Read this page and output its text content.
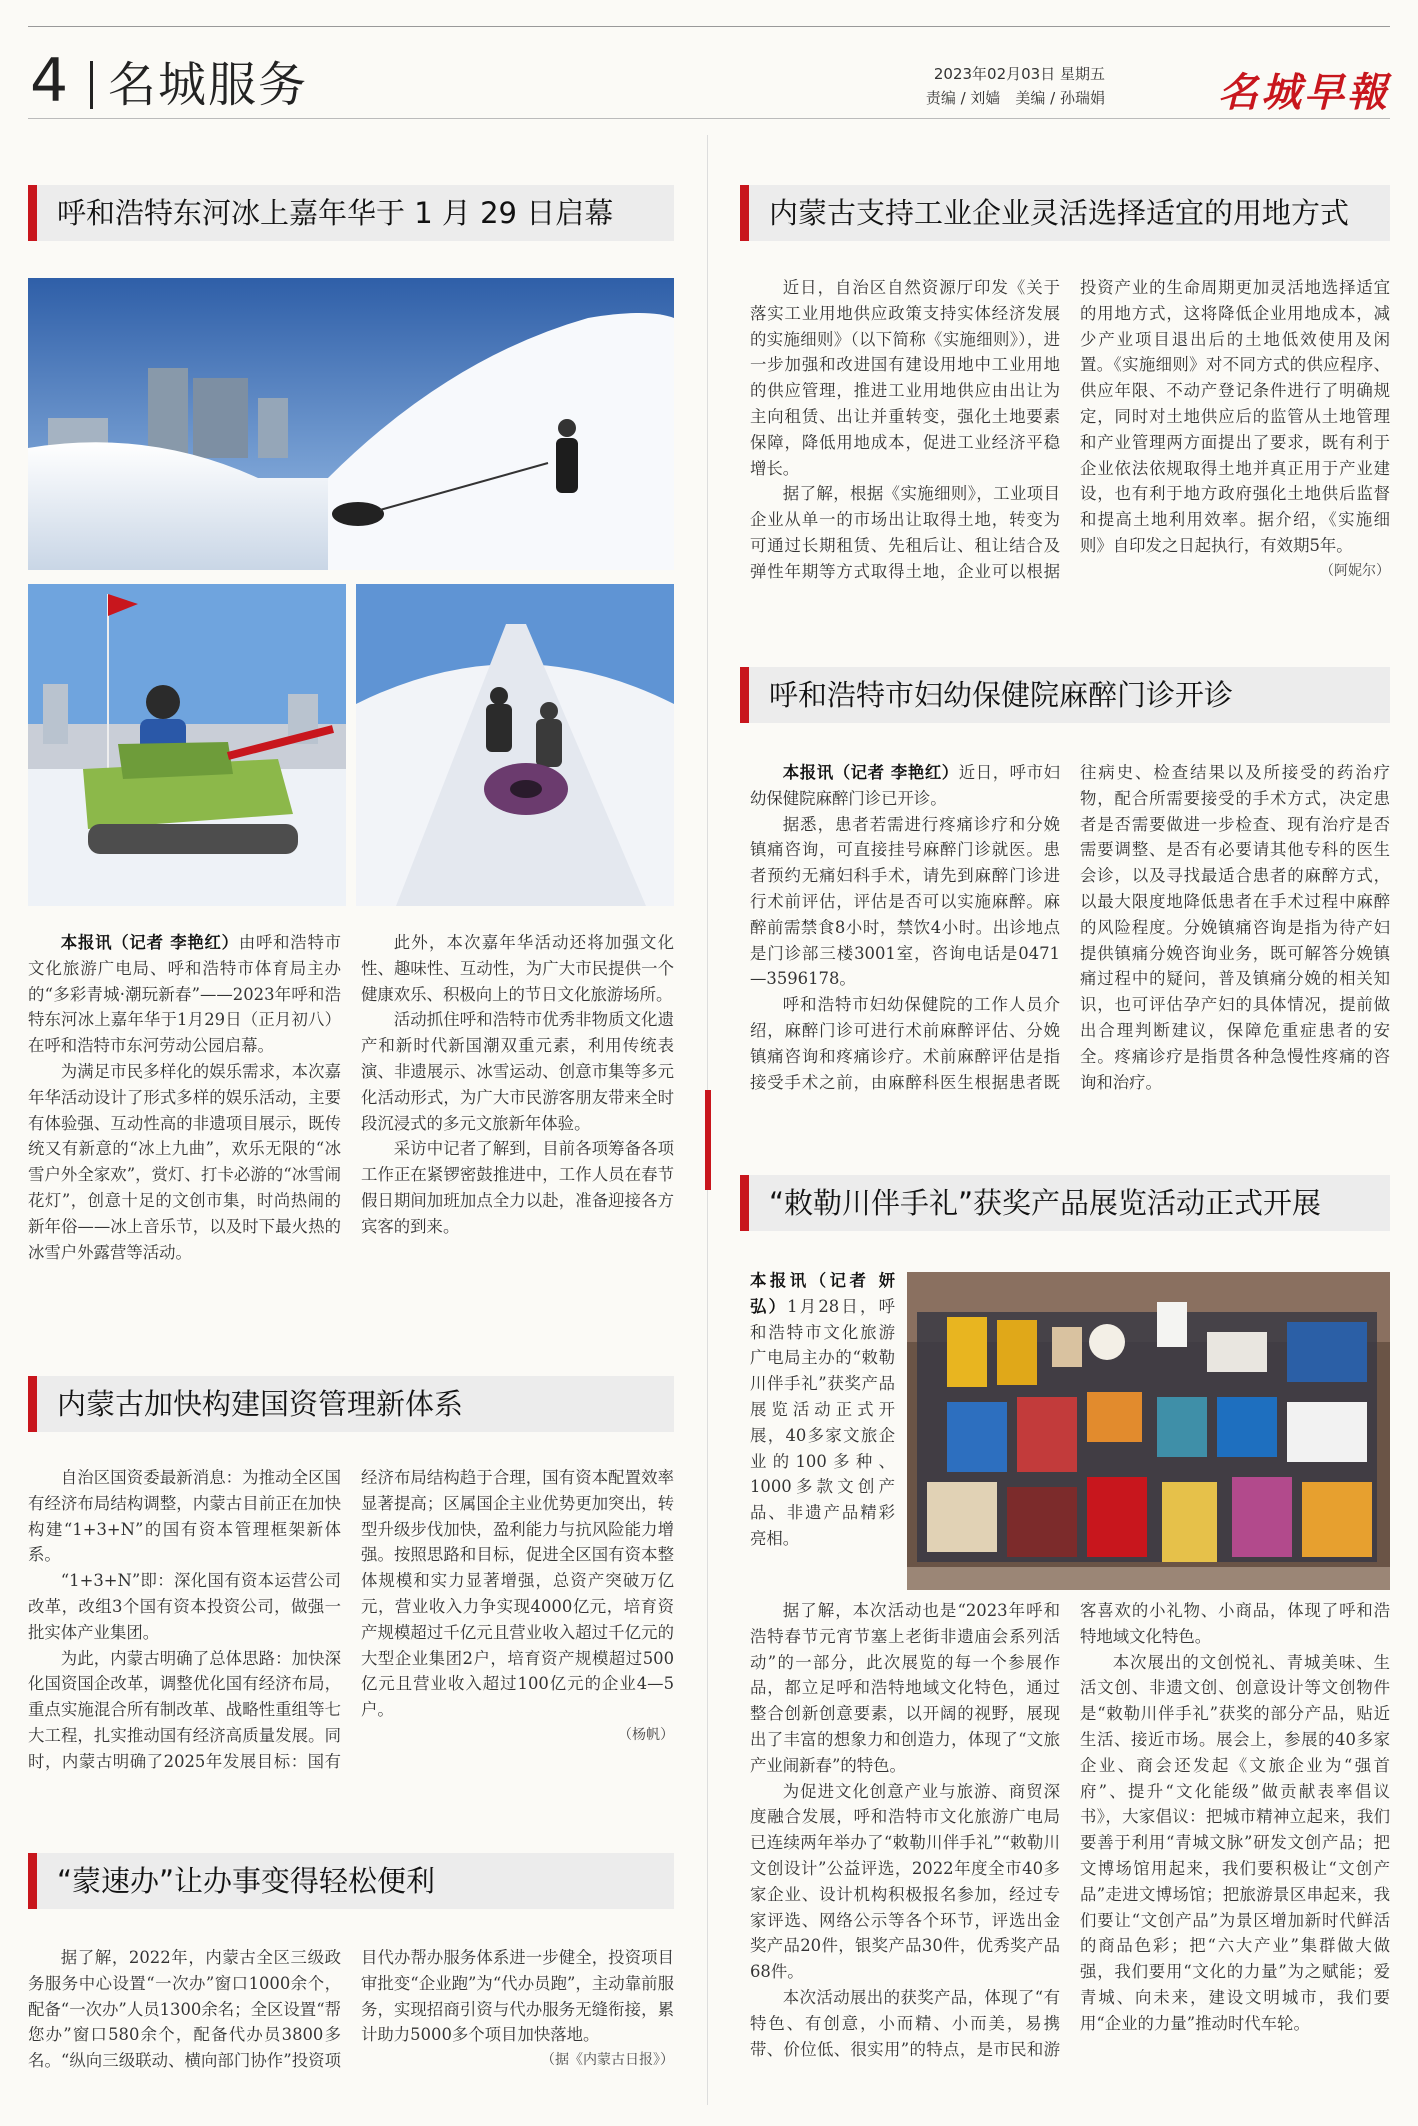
4 名城服务	2023年02月03日 星期五
责编 / 刘嫱　美编 / 孙瑞娟	名城早報
呼和浩特东河冰上嘉年华于 1 月 29 日启幕

本报讯（记者 李艳红）由呼和浩特市文化旅游广电局、呼和浩特市体育局主办的“多彩青城·潮玩新春”——2023年呼和浩特东河冰上嘉年华于1月29日（正月初八）在呼和浩特市东河劳动公园启幕。

为满足市民多样化的娱乐需求，本次嘉年华活动设计了形式多样的娱乐活动，主要有体验强、互动性高的非遗项目展示，既传统又有新意的“冰上九曲”，欢乐无限的“冰雪户外全家欢”，赏灯、打卡必游的“冰雪闹花灯”，创意十足的文创市集，时尚热闹的新年俗——冰上音乐节，以及时下最火热的冰雪户外露营等活动。

此外，本次嘉年华活动还将加强文化性、趣味性、互动性，为广大市民提供一个健康欢乐、积极向上的节日文化旅游场所。

活动抓住呼和浩特市优秀非物质文化遗产和新时代新国潮双重元素，利用传统表演、非遗展示、冰雪运动、创意市集等多元化活动形式，为广大市民游客朋友带来全时段沉浸式的多元文旅新年体验。

采访中记者了解到，目前各项筹备各项工作正在紧锣密鼓推进中，工作人员在春节假日期间加班加点全力以赴，准备迎接各方宾客的到来。

内蒙古加快构建国资管理新体系

自治区国资委最新消息：为推动全区国有经济布局结构调整，内蒙古目前正在加快构建“1+3+N”的国有资本管理框架新体系。

“1+3+N”即：深化国有资本运营公司改革，改组3个国有资本投资公司，做强一批实体产业集团。

为此，内蒙古明确了总体思路：加快深化国资国企改革，调整优化国有经济布局，重点实施混合所有制改革、战略性重组等七大工程，扎实推动国有经济高质量发展。同时，内蒙古明确了2025年发展目标：国有经济布局结构趋于合理，国有资本配置效率显著提高；区属国企主业优势更加突出，转型升级步伐加快，盈利能力与抗风险能力增强。按照思路和目标，促进全区国有资本整体规模和实力显著增强，总资产突破万亿元，营业收入力争实现4000亿元，培育资产规模超过千亿元且营业收入超过千亿元的大型企业集团2户，培育资产规模超过500亿元且营业收入超过100亿元的企业4—5户。

（杨帆）
“蒙速办”让办事变得轻松便利

据了解，2022年，内蒙古全区三级政务服务中心设置“一次办”窗口1000余个，配备“一次办”人员1300余名；全区设置“帮您办”窗口580余个，配备代办员3800多名。“纵向三级联动、横向部门协作”投资项目代办帮办服务体系进一步健全，投资项目审批变“企业跑”为“代办员跑”，主动靠前服务，实现招商引资与代办服务无缝衔接，累计助力5000多个项目加快落地。

（据《内蒙古日报》）
内蒙古支持工业企业灵活选择适宜的用地方式

近日，自治区自然资源厅印发《关于落实工业用地供应政策支持实体经济发展的实施细则》（以下简称《实施细则》），进一步加强和改进国有建设用地中工业用地的供应管理，推进工业用地供应由出让为主向租赁、出让并重转变，强化土地要素保障，降低用地成本，促进工业经济平稳增长。

据了解，根据《实施细则》，工业项目企业从单一的市场出让取得土地，转变为可通过长期租赁、先租后让、租让结合及弹性年期等方式取得土地，企业可以根据投资产业的生命周期更加灵活地选择适宜的用地方式，这将降低企业用地成本，减少产业项目退出后的土地低效使用及闲置。《实施细则》对不同方式的供应程序、供应年限、不动产登记条件进行了明确规定，同时对土地供应后的监管从土地管理和产业管理两方面提出了要求，既有利于企业依法依规取得土地并真正用于产业建设，也有利于地方政府强化土地供后监督和提高土地利用效率。据介绍，《实施细则》自印发之日起执行，有效期5年。

（阿妮尔）
呼和浩特市妇幼保健院麻醉门诊开诊

本报讯（记者 李艳红）近日，呼市妇幼保健院麻醉门诊已开诊。

据悉，患者若需进行疼痛诊疗和分娩镇痛咨询，可直接挂号麻醉门诊就医。患者预约无痛妇科手术，请先到麻醉门诊进行术前评估，评估是否可以实施麻醉。麻醉前需禁食8小时，禁饮4小时。出诊地点是门诊部三楼3001室，咨询电话是0471—3596178。

呼和浩特市妇幼保健院的工作人员介绍，麻醉门诊可进行术前麻醉评估、分娩镇痛咨询和疼痛诊疗。术前麻醉评估是指接受手术之前，由麻醉科医生根据患者既往病史、检查结果以及所接受的药治疗物，配合所需要接受的手术方式，决定患者是否需要做进一步检查、现有治疗是否需要调整、是否有必要请其他专科的医生会诊，以及寻找最适合患者的麻醉方式，以最大限度地降低患者在手术过程中麻醉的风险程度。分娩镇痛咨询是指为待产妇提供镇痛分娩咨询业务，既可解答分娩镇痛过程中的疑问，普及镇痛分娩的相关知识，也可评估孕产妇的具体情况，提前做出合理判断建议，保障危重症患者的安全。疼痛诊疗是指贯各种急慢性疼痛的咨询和治疗。

“敕勒川伴手礼”获奖产品展览活动正式开展

本报讯（记者 妍弘）1月28日，呼和浩特市文化旅游广电局主办的“敕勒川伴手礼”获奖产品展览活动正式开展，40多家文旅企业的100多种、1000多款文创产品、非遗产品精彩亮相。

据了解，本次活动也是“2023年呼和浩特春节元宵节塞上老街非遗庙会系列活动”的一部分，此次展览的每一个参展作品，都立足呼和浩特地域文化特色，通过整合创新创意要素，以开阔的视野，展现出了丰富的想象力和创造力，体现了“文旅产业闹新春”的特色。

为促进文化创意产业与旅游、商贸深度融合发展，呼和浩特市文化旅游广电局已连续两年举办了“敕勒川伴手礼”“敕勒川文创设计”公益评选，2022年度全市40多家企业、设计机构积极报名参加，经过专家评选、网络公示等各个环节，评选出金奖产品20件，银奖产品30件，优秀奖产品68件。

本次活动展出的获奖产品，体现了“有特色、有创意，小而精、小而美，易携带、价位低、很实用”的特点，是市民和游客喜欢的小礼物、小商品，体现了呼和浩特地域文化特色。

本次展出的文创悦礼、青城美味、生活文创、非遗文创、创意设计等文创物件是“敕勒川伴手礼”获奖的部分产品，贴近生活、接近市场。展会上，参展的40多家企业、商会还发起《文旅企业为“强首府”、提升“文化能级”做贡献表率倡议书》，大家倡议：把城市精神立起来，我们要善于利用“青城文脉”研发文创产品；把文博场馆用起来，我们要积极让“文创产品”走进文博场馆；把旅游景区串起来，我们要让“文创产品”为景区增加新时代鲜活的商品色彩；把“六大产业”集群做大做强，我们要用“文化的力量”为之赋能；爱青城、向未来，建设文明城市，我们要用“企业的力量”推动时代车轮。
